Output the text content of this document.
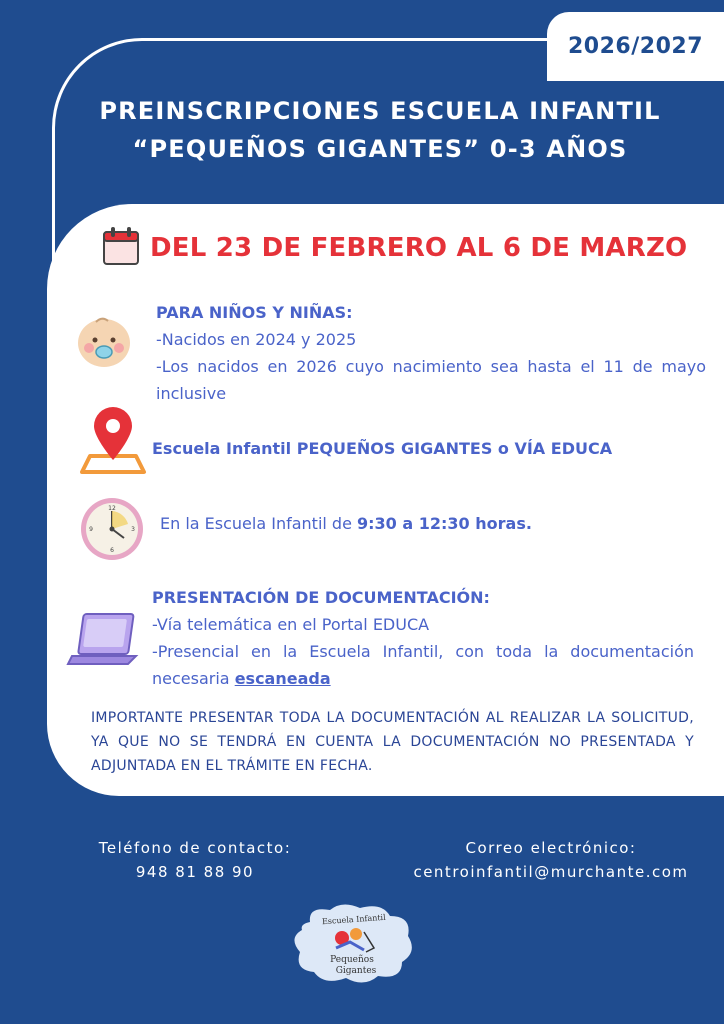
2026/2027
PREINSCRIPCIONES ESCUELA INFANTIL
“PEQUEÑOS GIGANTES” 0-3 AÑOS
DEL 23 DE FEBRERO AL 6 DE MARZO
PARA NIÑOS Y NIÑAS:
-Nacidos en 2024 y 2025
-Los nacidos en 2026 cuyo nacimiento sea hasta el 11 de mayo inclusive
Escuela Infantil PEQUEÑOS GIGANTES o VÍA EDUCA
12
3
6
9	En la Escuela Infantil de 9:30 a 12:30 horas.
PRESENTACIÓN DE DOCUMENTACIÓN:
-Vía telemática en el Portal EDUCA
-Presencial en la Escuela Infantil, con toda la documentación necesaria escaneada
IMPORTANTE PRESENTAR TODA LA DOCUMENTACIÓN AL REALIZAR LA SOLICITUD, YA QUE NO SE TENDRÁ EN CUENTA LA DOCUMENTACIÓN NO PRESENTADA Y ADJUNTADA EN EL TRÁMITE EN FECHA.
Teléfono de contacto:
948 81 88 90
Correo electrónico:
centroinfantil@murchante.com
Escuela Infantil
Pequeños
Gigantes
